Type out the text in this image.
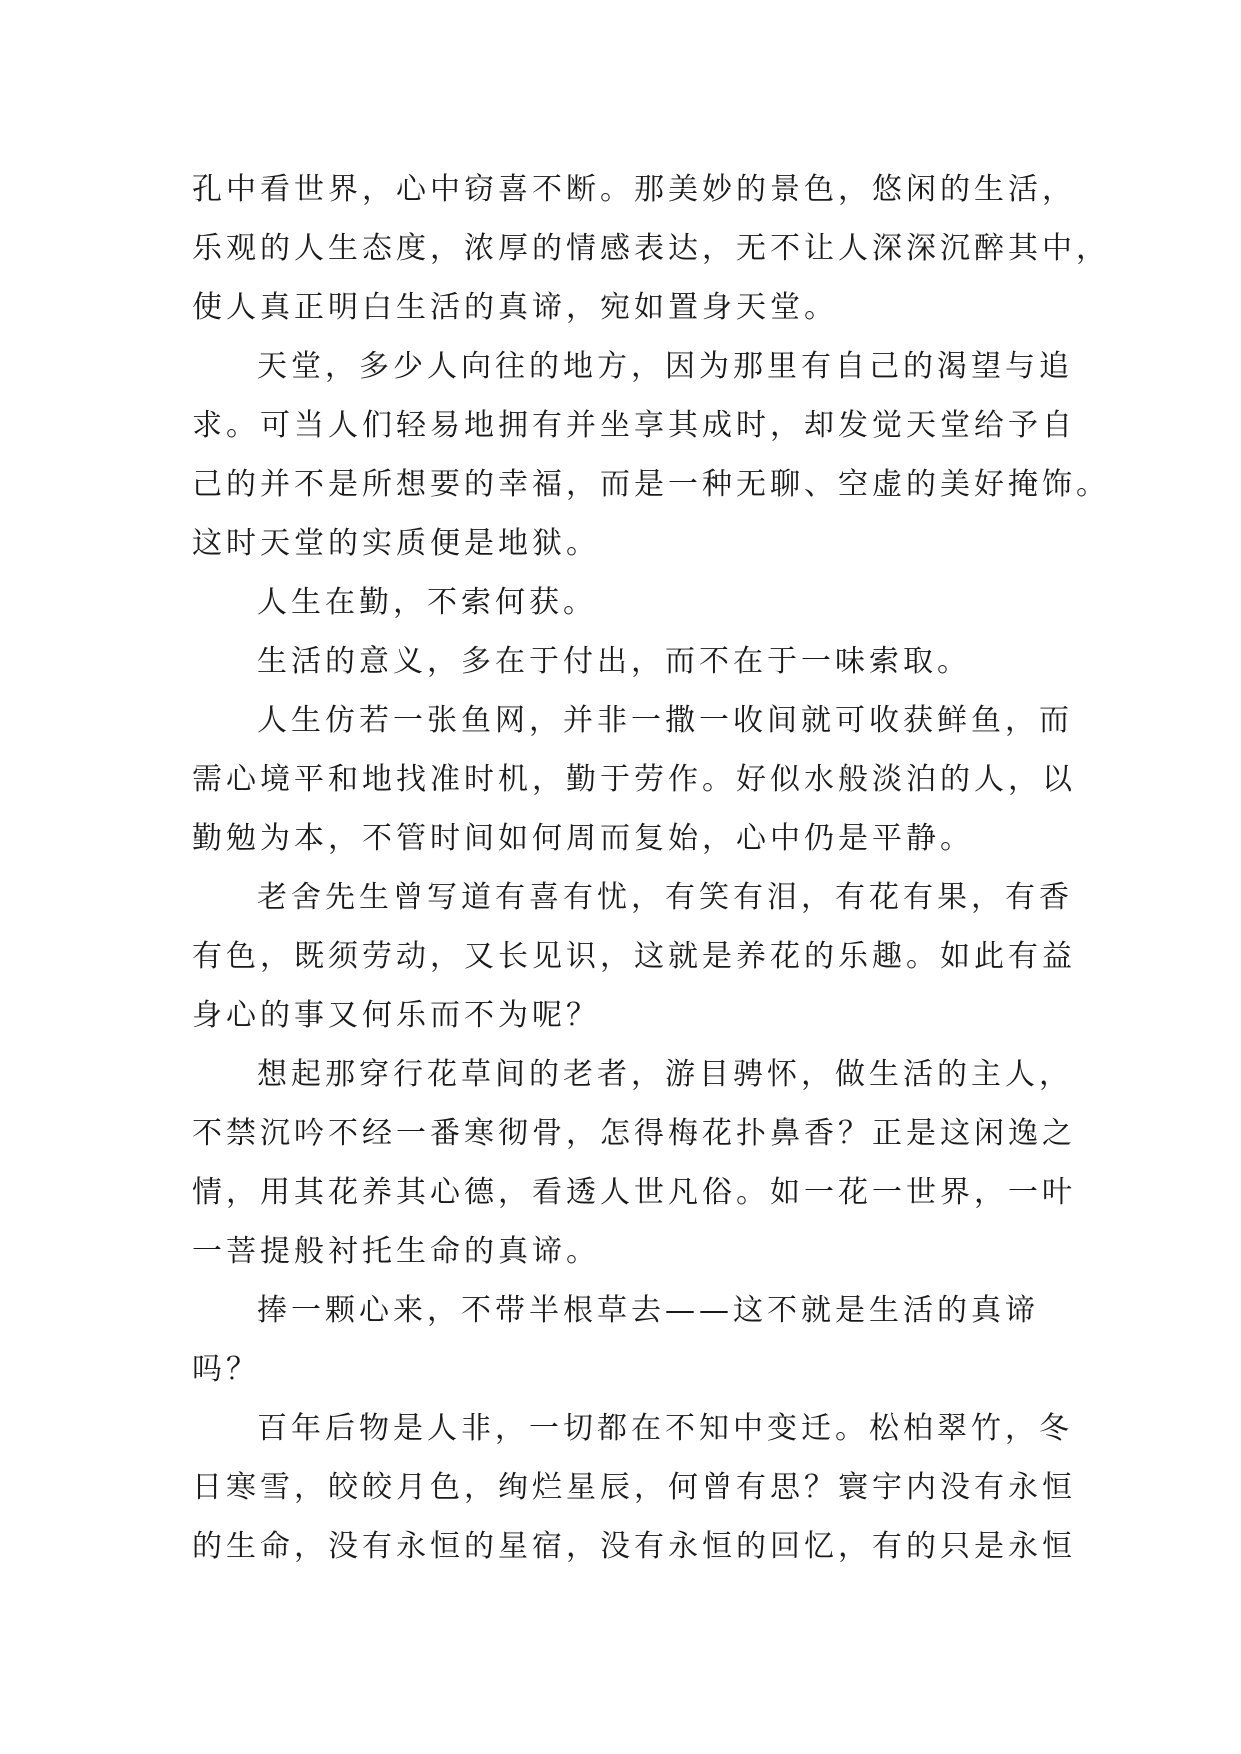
孔中看世界，心中窃喜不断。那美妙的景色，悠闲的生活，
乐观的人生态度，浓厚的情感表达，无不让人深深沉醉其中，
使人真正明白生活的真谛，宛如置身天堂。
天堂，多少人向往的地方，因为那里有自己的渴望与追
求。可当人们轻易地拥有并坐享其成时，却发觉天堂给予自
己的并不是所想要的幸福，而是一种无聊、空虚的美好掩饰。
这时天堂的实质便是地狱。
人生在勤，不索何获。
生活的意义，多在于付出，而不在于一味索取。
人生仿若一张鱼网，并非一撒一收间就可收获鲜鱼，而
需心境平和地找准时机，勤于劳作。好似水般淡泊的人，以
勤勉为本，不管时间如何周而复始，心中仍是平静。
老舍先生曾写道有喜有忧，有笑有泪，有花有果，有香
有色，既须劳动，又长见识，这就是养花的乐趣。如此有益
身心的事又何乐而不为呢？
想起那穿行花草间的老者，游目骋怀，做生活的主人，
不禁沉吟不经一番寒彻骨，怎得梅花扑鼻香？正是这闲逸之
情，用其花养其心德，看透人世凡俗。如一花一世界，一叶
一菩提般衬托生命的真谛。
捧一颗心来，不带半根草去——这不就是生活的真谛
吗？
百年后物是人非，一切都在不知中变迁。松柏翠竹，冬
日寒雪，皎皎月色，绚烂星辰，何曾有思？寰宇内没有永恒
的生命，没有永恒的星宿，没有永恒的回忆，有的只是永恒
